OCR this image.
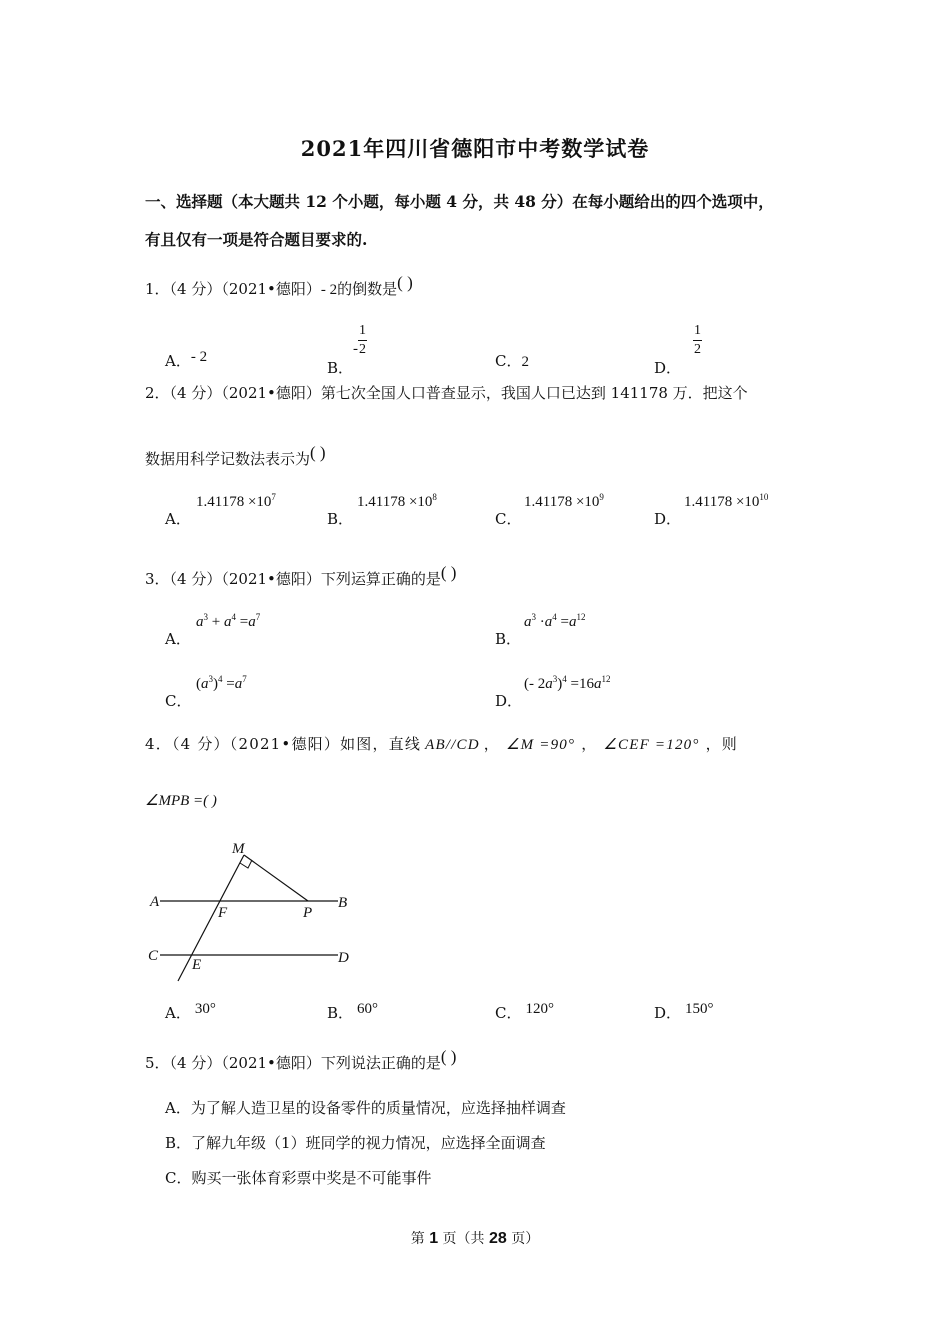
2021年四川省德阳市中考数学试卷
一、选择题（本大题共 12 个小题，每小题 4 分，共 48 分）在每小题给出的四个选项中，
有且仅有一项是符合题目要求的.
1．（4 分）（2021•德阳）- 2的倒数是( )
A．- 2
B．- $\frac{1}{2}$
C．2	D．
$\frac{1}{2}$
2．（4 分）（2021•德阳）第七次全国人口普查显示，我国人口已达到 141178 万．把这个
数据用科学记数法表示为( )
A．
$1.41178 \times 10^7$
B．
$1.41178 \times 10^8$
C．
$1.41178 \times 10^9$
D．
$1.41178 \times 10^{10}$
3．（4 分）（2021•德阳）下列运算正确的是( )
A．
$a^3 + a^4 =a^7$
B．
$a^3 \cdot a^4 =a^{12}$
C．
$(a^3)^4 =a^7$
D．
(- $2a^3)^4 =16a^{12}$
4．（4 分）（2021•德阳）如图，直线 AB//CD ， ∠M =90° ， ∠CEF =120° ，则
∠MPB =( )
M
A
F	P
B
C
E	D
A． 30°	B． 60°	C． 120°	D． 150°
5．（4 分）（2021•德阳）下列说法正确的是( )
A．为了解人造卫星的设备零件的质量情况，应选择抽样调查
B．了解九年级（1）班同学的视力情况，应选择全面调查
C．购买一张体育彩票中奖是不可能事件
第 1 页（共 28 页）
